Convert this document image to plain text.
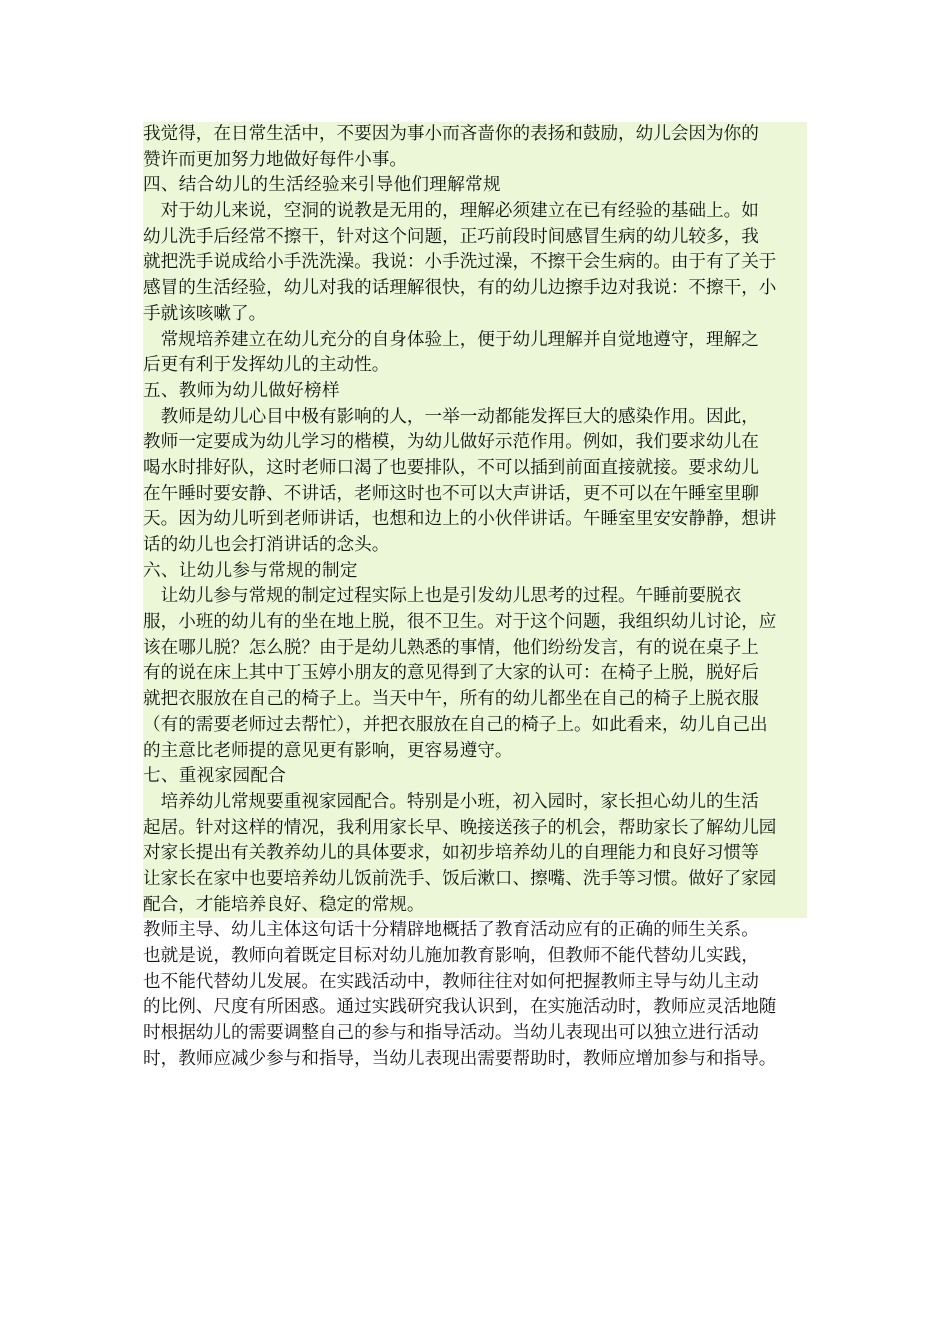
我觉得，在日常生活中，不要因为事小而吝啬你的表扬和鼓励，幼儿会因为你的
赞许而更加努力地做好每件小事。
四、结合幼儿的生活经验来引导他们理解常规
　对于幼儿来说，空洞的说教是无用的，理解必须建立在已有经验的基础上。如
幼儿洗手后经常不擦干，针对这个问题，正巧前段时间感冒生病的幼儿较多，我
就把洗手说成给小手洗洗澡。我说：小手洗过澡，不擦干会生病的。由于有了关于
感冒的生活经验，幼儿对我的话理解很快，有的幼儿边擦手边对我说：不擦干，小
手就该咳嗽了。
　常规培养建立在幼儿充分的自身体验上，便于幼儿理解并自觉地遵守，理解之
后更有利于发挥幼儿的主动性。
五、教师为幼儿做好榜样
　教师是幼儿心目中极有影响的人，一举一动都能发挥巨大的感染作用。因此，
教师一定要成为幼儿学习的楷模，为幼儿做好示范作用。例如，我们要求幼儿在
喝水时排好队，这时老师口渴了也要排队，不可以插到前面直接就接。要求幼儿
在午睡时要安静、不讲话，老师这时也不可以大声讲话，更不可以在午睡室里聊
天。因为幼儿听到老师讲话，也想和边上的小伙伴讲话。午睡室里安安静静，想讲
话的幼儿也会打消讲话的念头。
六、让幼儿参与常规的制定
　让幼儿参与常规的制定过程实际上也是引发幼儿思考的过程。午睡前要脱衣
服，小班的幼儿有的坐在地上脱，很不卫生。对于这个问题，我组织幼儿讨论，应
该在哪儿脱？怎么脱？由于是幼儿熟悉的事情，他们纷纷发言，有的说在桌子上
有的说在床上其中丁玉婷小朋友的意见得到了大家的认可：在椅子上脱，脱好后
就把衣服放在自己的椅子上。当天中午，所有的幼儿都坐在自己的椅子上脱衣服
（有的需要老师过去帮忙），并把衣服放在自己的椅子上。如此看来，幼儿自己出
的主意比老师提的意见更有影响，更容易遵守。
七、重视家园配合
　培养幼儿常规要重视家园配合。特别是小班，初入园时，家长担心幼儿的生活
起居。针对这样的情况，我利用家长早、晚接送孩子的机会，帮助家长了解幼儿园
对家长提出有关教养幼儿的具体要求，如初步培养幼儿的自理能力和良好习惯等
让家长在家中也要培养幼儿饭前洗手、饭后漱口、擦嘴、洗手等习惯。做好了家园
配合，才能培养良好、稳定的常规。
教师主导、幼儿主体这句话十分精辟地概括了教育活动应有的正确的师生关系。
也就是说，教师向着既定目标对幼儿施加教育影响，但教师不能代替幼儿实践，
也不能代替幼儿发展。在实践活动中，教师往往对如何把握教师主导与幼儿主动
的比例、尺度有所困惑。通过实践研究我认识到，在实施活动时，教师应灵活地随
时根据幼儿的需要调整自己的参与和指导活动。当幼儿表现出可以独立进行活动
时，教师应减少参与和指导，当幼儿表现出需要帮助时，教师应增加参与和指导。
